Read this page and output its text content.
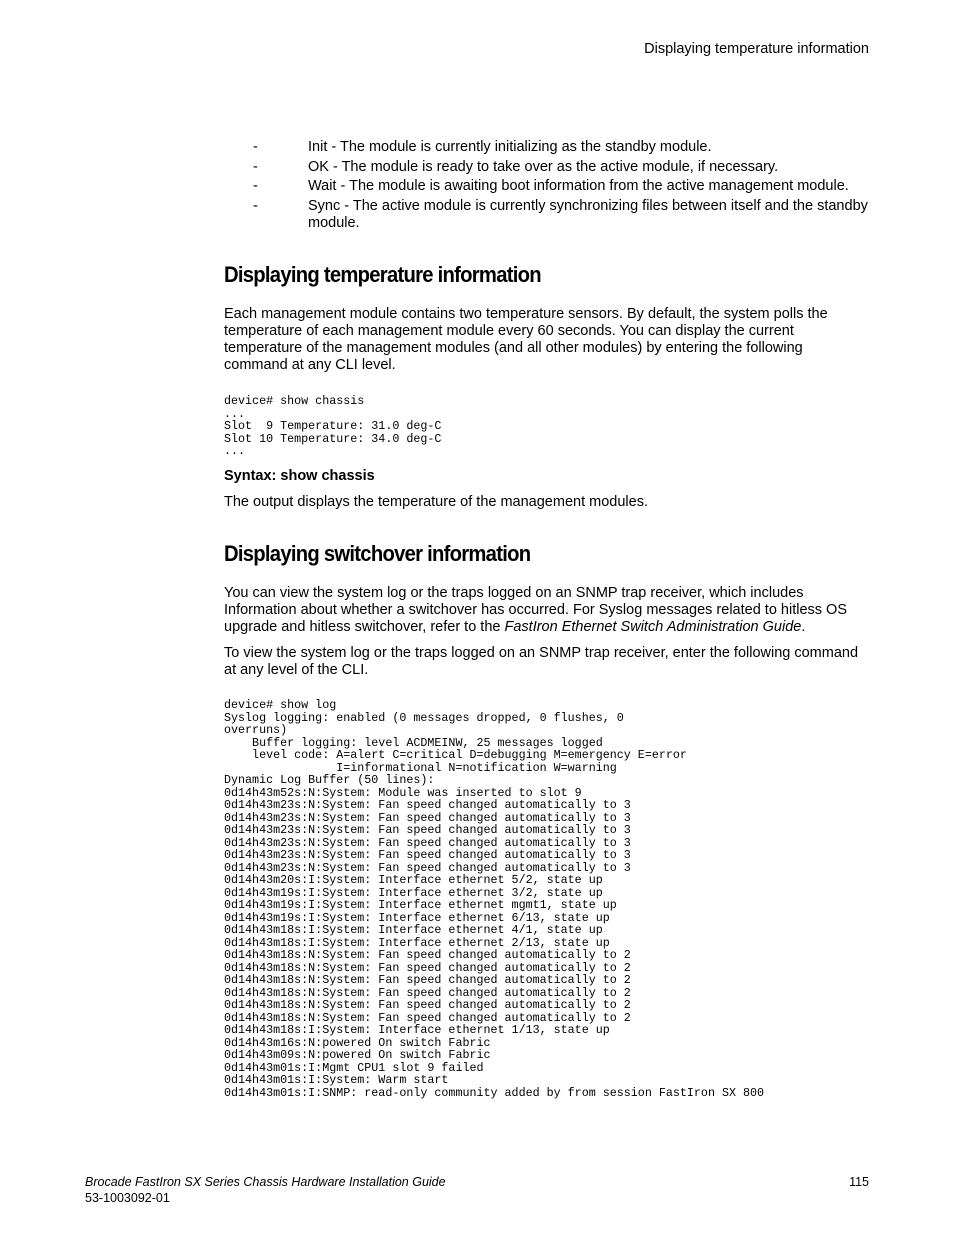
Displaying temperature information
-	Init - The module is currently initializing as the standby module.
-	OK - The module is ready to take over as the active module, if necessary.
-	Wait - The module is awaiting boot information from the active management module.
-	Sync - The active module is currently synchronizing files between itself and the standby module.
Displaying temperature information

Each management module contains two temperature sensors. By default, the system polls the temperature of each management module every 60 seconds. You can display the current temperature of the management modules (and all other modules) by entering the following command at any CLI level.

device# show chassis
...
Slot  9 Temperature: 31.0 deg-C
Slot 10 Temperature: 34.0 deg-C
...

Syntax: show chassis

The output displays the temperature of the management modules.

Displaying switchover information

You can view the system log or the traps logged on an SNMP trap receiver, which includes Information about whether a switchover has occurred. For Syslog messages related to hitless OS upgrade and hitless switchover, refer to the FastIron Ethernet Switch Administration Guide.

To view the system log or the traps logged on an SNMP trap receiver, enter the following command at any level of the CLI.

device# show log
Syslog logging: enabled (0 messages dropped, 0 flushes, 0
overruns)
Buffer logging: level ACDMEINW, 25 messages logged
level code: A=alert C=critical D=debugging M=emergency E=error
I=informational N=notification W=warning
Dynamic Log Buffer (50 lines):
0d14h43m52s:N:System: Module was inserted to slot 9
0d14h43m23s:N:System: Fan speed changed automatically to 3
0d14h43m23s:N:System: Fan speed changed automatically to 3
0d14h43m23s:N:System: Fan speed changed automatically to 3
0d14h43m23s:N:System: Fan speed changed automatically to 3
0d14h43m23s:N:System: Fan speed changed automatically to 3
0d14h43m23s:N:System: Fan speed changed automatically to 3
0d14h43m20s:I:System: Interface ethernet 5/2, state up
0d14h43m19s:I:System: Interface ethernet 3/2, state up
0d14h43m19s:I:System: Interface ethernet mgmt1, state up
0d14h43m19s:I:System: Interface ethernet 6/13, state up
0d14h43m18s:I:System: Interface ethernet 4/1, state up
0d14h43m18s:I:System: Interface ethernet 2/13, state up
0d14h43m18s:N:System: Fan speed changed automatically to 2
0d14h43m18s:N:System: Fan speed changed automatically to 2
0d14h43m18s:N:System: Fan speed changed automatically to 2
0d14h43m18s:N:System: Fan speed changed automatically to 2
0d14h43m18s:N:System: Fan speed changed automatically to 2
0d14h43m18s:N:System: Fan speed changed automatically to 2
0d14h43m18s:I:System: Interface ethernet 1/13, state up
0d14h43m16s:N:powered On switch Fabric
0d14h43m09s:N:powered On switch Fabric
0d14h43m01s:I:Mgmt CPU1 slot 9 failed
0d14h43m01s:I:System: Warm start
0d14h43m01s:I:SNMP: read-only community added by from session FastIron SX 800
Brocade FastIron SX Series Chassis Hardware Installation Guide
53-1003092-01
115
